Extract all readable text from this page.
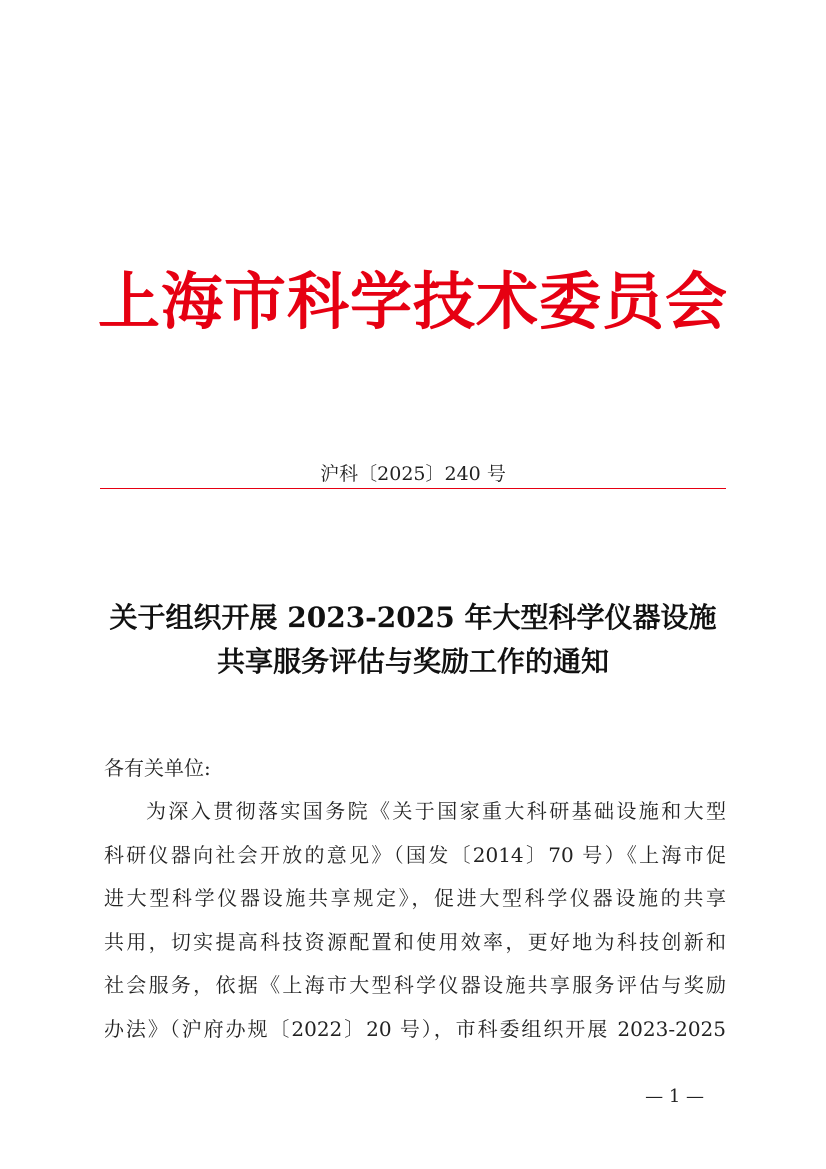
上海市科学技术委员会
沪科〔2025〕240 号
关于组织开展 2023-2025 年大型科学仪器设施
共享服务评估与奖励工作的通知
各有关单位:
为深入贯彻落实国务院《关于国家重大科研基础设施和大型
科研仪器向社会开放的意见》（国发〔2014〕70 号）《上海市促
进大型科学仪器设施共享规定》，促进大型科学仪器设施的共享
共用，切实提高科技资源配置和使用效率，更好地为科技创新和
社会服务，依据《上海市大型科学仪器设施共享服务评估与奖励
办法》（沪府办规〔2022〕20 号），市科委组织开展 2023-2025
— 1 —
